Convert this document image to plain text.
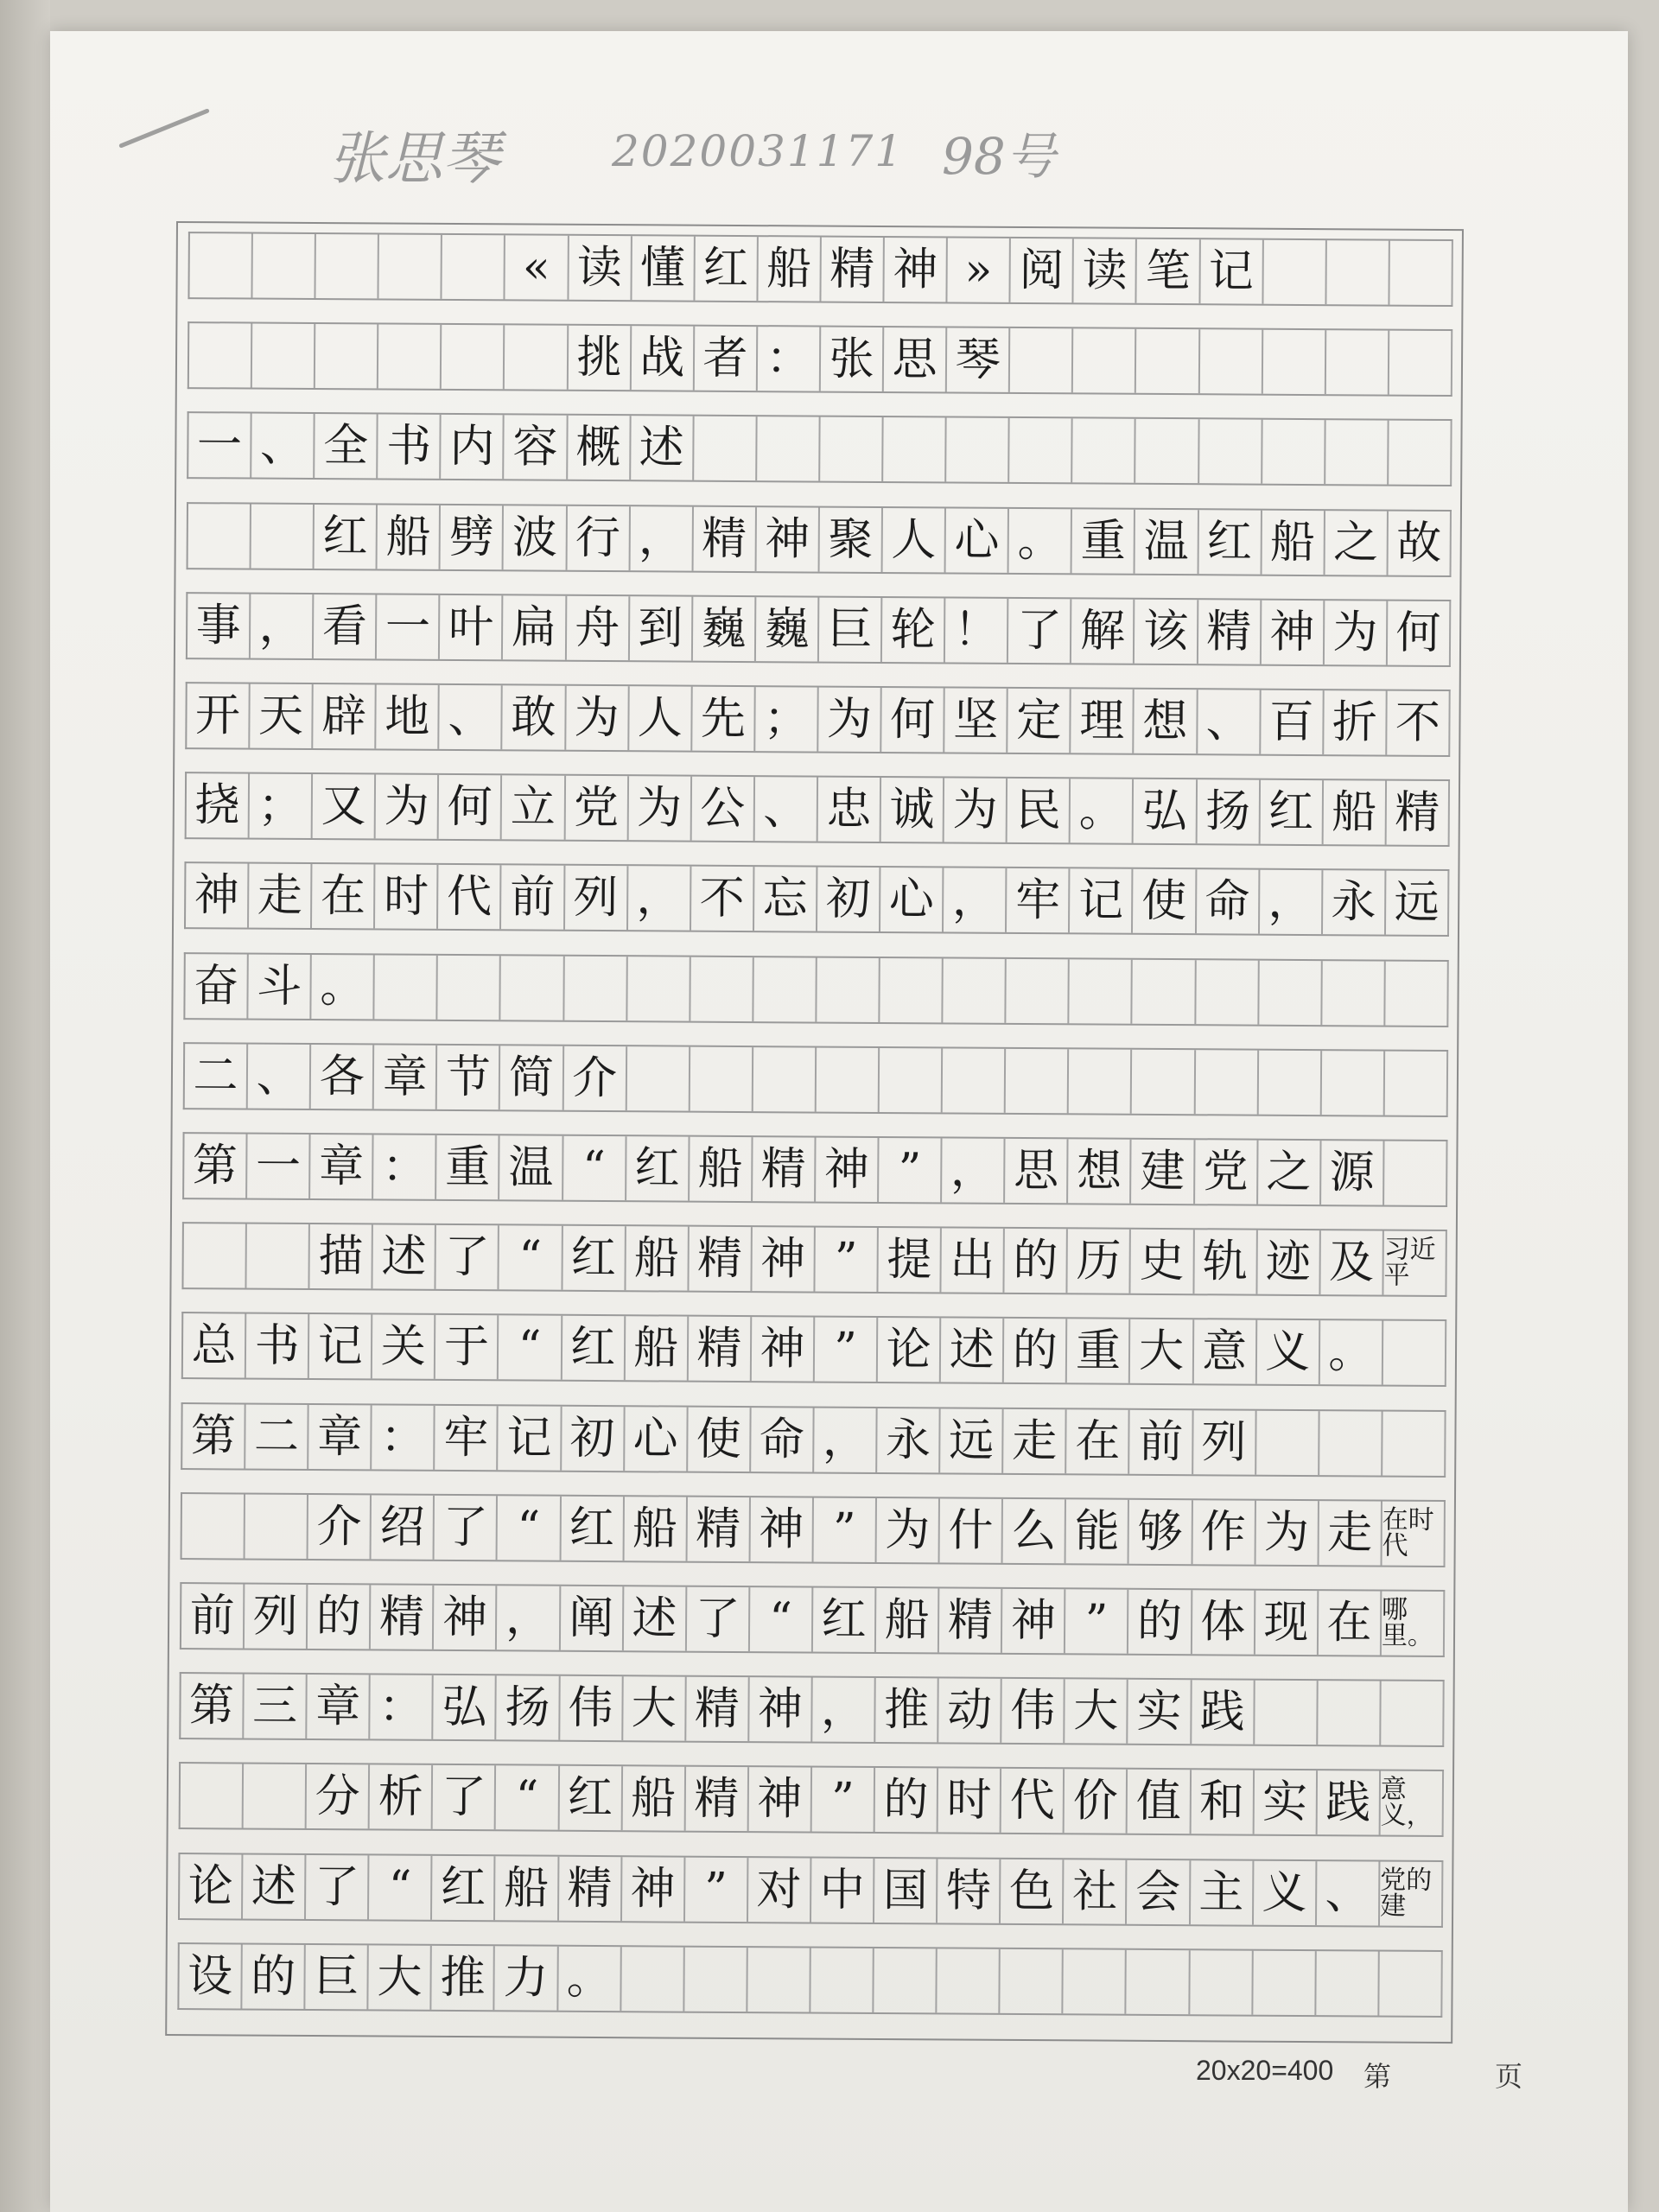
张思琴	2020031171 98号
« 读 懂 红 船 精 神 » 阅 读 笔 记
挑 战 者 ： 张 思 琴
一 、 全 书 内 容 概 述
红 船 劈 波 行 ， 精 神 聚 人 心 。 重 温 红 船 之 故
事 ， 看 一 叶 扁 舟 到 巍 巍 巨 轮 ！ 了 解 该 精 神 为 何
开 天 辟 地 、 敢 为 人 先 ； 为 何 坚 定 理 想 、 百 折 不
挠 ； 又 为 何 立 党 为 公 、 忠 诚 为 民 。 弘 扬 红 船 精
神 走 在 时 代 前 列 ， 不 忘 初 心 ， 牢 记 使 命 ， 永 远
奋 斗 。
二 、 各 章 节 简 介
第 一 章 ： 重 温 “ 红 船 精 神 ” ， 思 想 建 党 之 源
描 述 了 “ 红 船 精 神 ” 提 出 的 历 史 轨 迹 及 习近平
总 书 记 关 于 “ 红 船 精 神 ” 论 述 的 重 大 意 义 。
第 二 章 ： 牢 记 初 心 使 命 ， 永 远 走 在 前 列
介 绍 了 “ 红 船 精 神 ” 为 什 么 能 够 作 为 走 在时代
前 列 的 精 神 ， 阐 述 了 “ 红 船 精 神 ” 的 体 现 在 哪里。
第 三 章 ： 弘 扬 伟 大 精 神 ， 推 动 伟 大 实 践
分 析 了 “ 红 船 精 神 ” 的 时 代 价 值 和 实 践 意义，
论 述 了 “ 红 船 精 神 ” 对 中 国 特 色 社 会 主 义 、 党的建
设 的 巨 大 推 力 。
20x20=400 第	页
